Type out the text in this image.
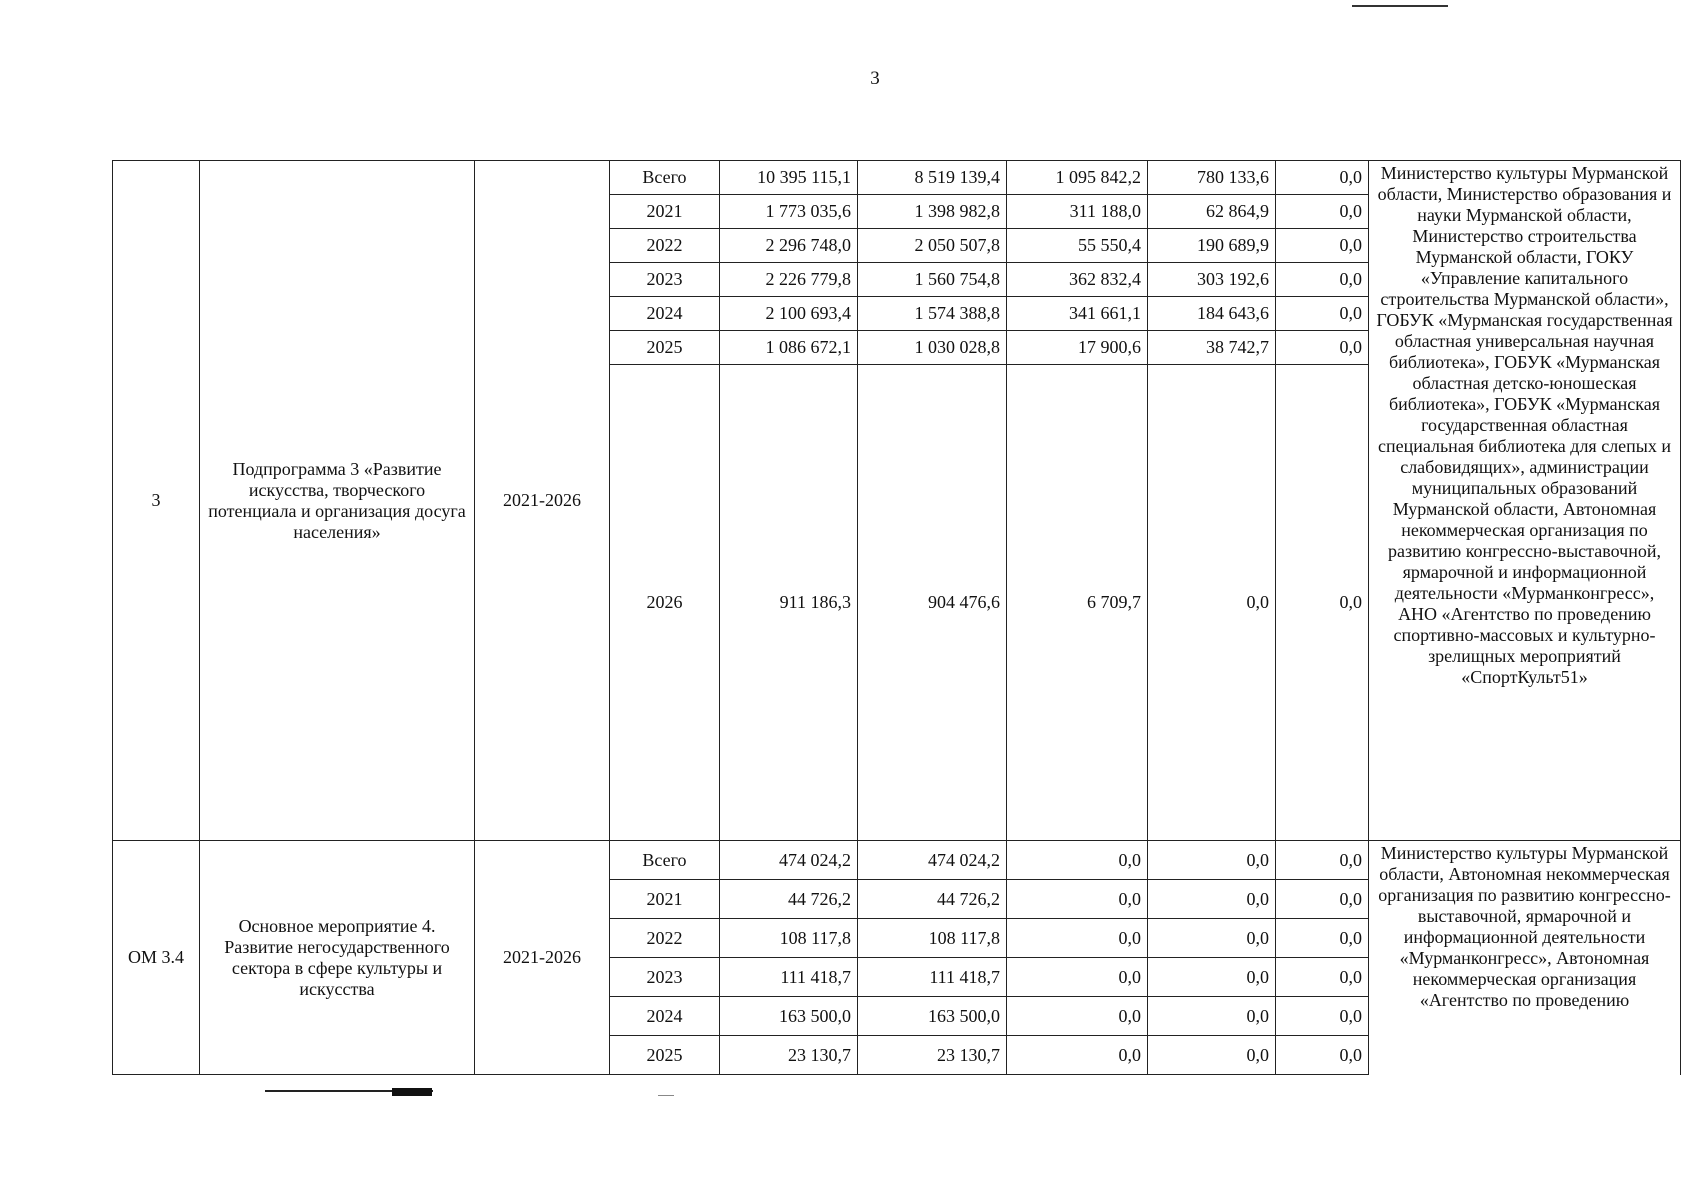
3
3	Подпрограмма 3 «Развитие искусства, творческого потенциала и организация досуга населения»	2021-2026	Всего	10 395 115,1	8 519 139,4	1 095 842,2	780 133,6	0,0	Министерство культуры Мурманской области, Министерство образования и науки Мурманской области, Министерство строительства Мурманской области, ГОКУ «Управление капитального строительства Мурманской области», ГОБУК «Мурманская государственная областная универсальная научная библиотека», ГОБУК «Мурманская областная детско-юношеская библиотека», ГОБУК «Мурманская государственная областная специальная библиотека для слепых и слабовидящих», администрации муниципальных образований Мурманской области, Автономная некоммерческая организация по развитию конгрессно-выставочной, ярмарочной и информационной деятельности «Мурманконгресс», АНО «Агентство по проведению спортивно-массовых и культурно-зрелищных мероприятий «СпортКульт51»
			2021	1 773 035,6	1 398 982,8	311 188,0	62 864,9	0,0	
			2022	2 296 748,0	2 050 507,8	55 550,4	190 689,9	0,0	
			2023	2 226 779,8	1 560 754,8	362 832,4	303 192,6	0,0	
			2024	2 100 693,4	1 574 388,8	341 661,1	184 643,6	0,0	
			2025	1 086 672,1	1 030 028,8	17 900,6	38 742,7	0,0	
			2026	911 186,3	904 476,6	6 709,7	0,0	0,0	
ОМ 3.4	Основное мероприятие 4. Развитие негосударственного сектора в сфере культуры и искусства	2021-2026	Всего	474 024,2	474 024,2	0,0	0,0	0,0	Министерство культуры Мурманской области, Автономная некоммерческая организация по развитию конгрессно-выставочной, ярмарочной и информационной деятельности «Мурманконгресс», Автономная некоммерческая организация «Агентство по проведению
			2021	44 726,2	44 726,2	0,0	0,0	0,0	
			2022	108 117,8	108 117,8	0,0	0,0	0,0	
			2023	111 418,7	111 418,7	0,0	0,0	0,0	
			2024	163 500,0	163 500,0	0,0	0,0	0,0	
			2025	23 130,7	23 130,7	0,0	0,0	0,0	
